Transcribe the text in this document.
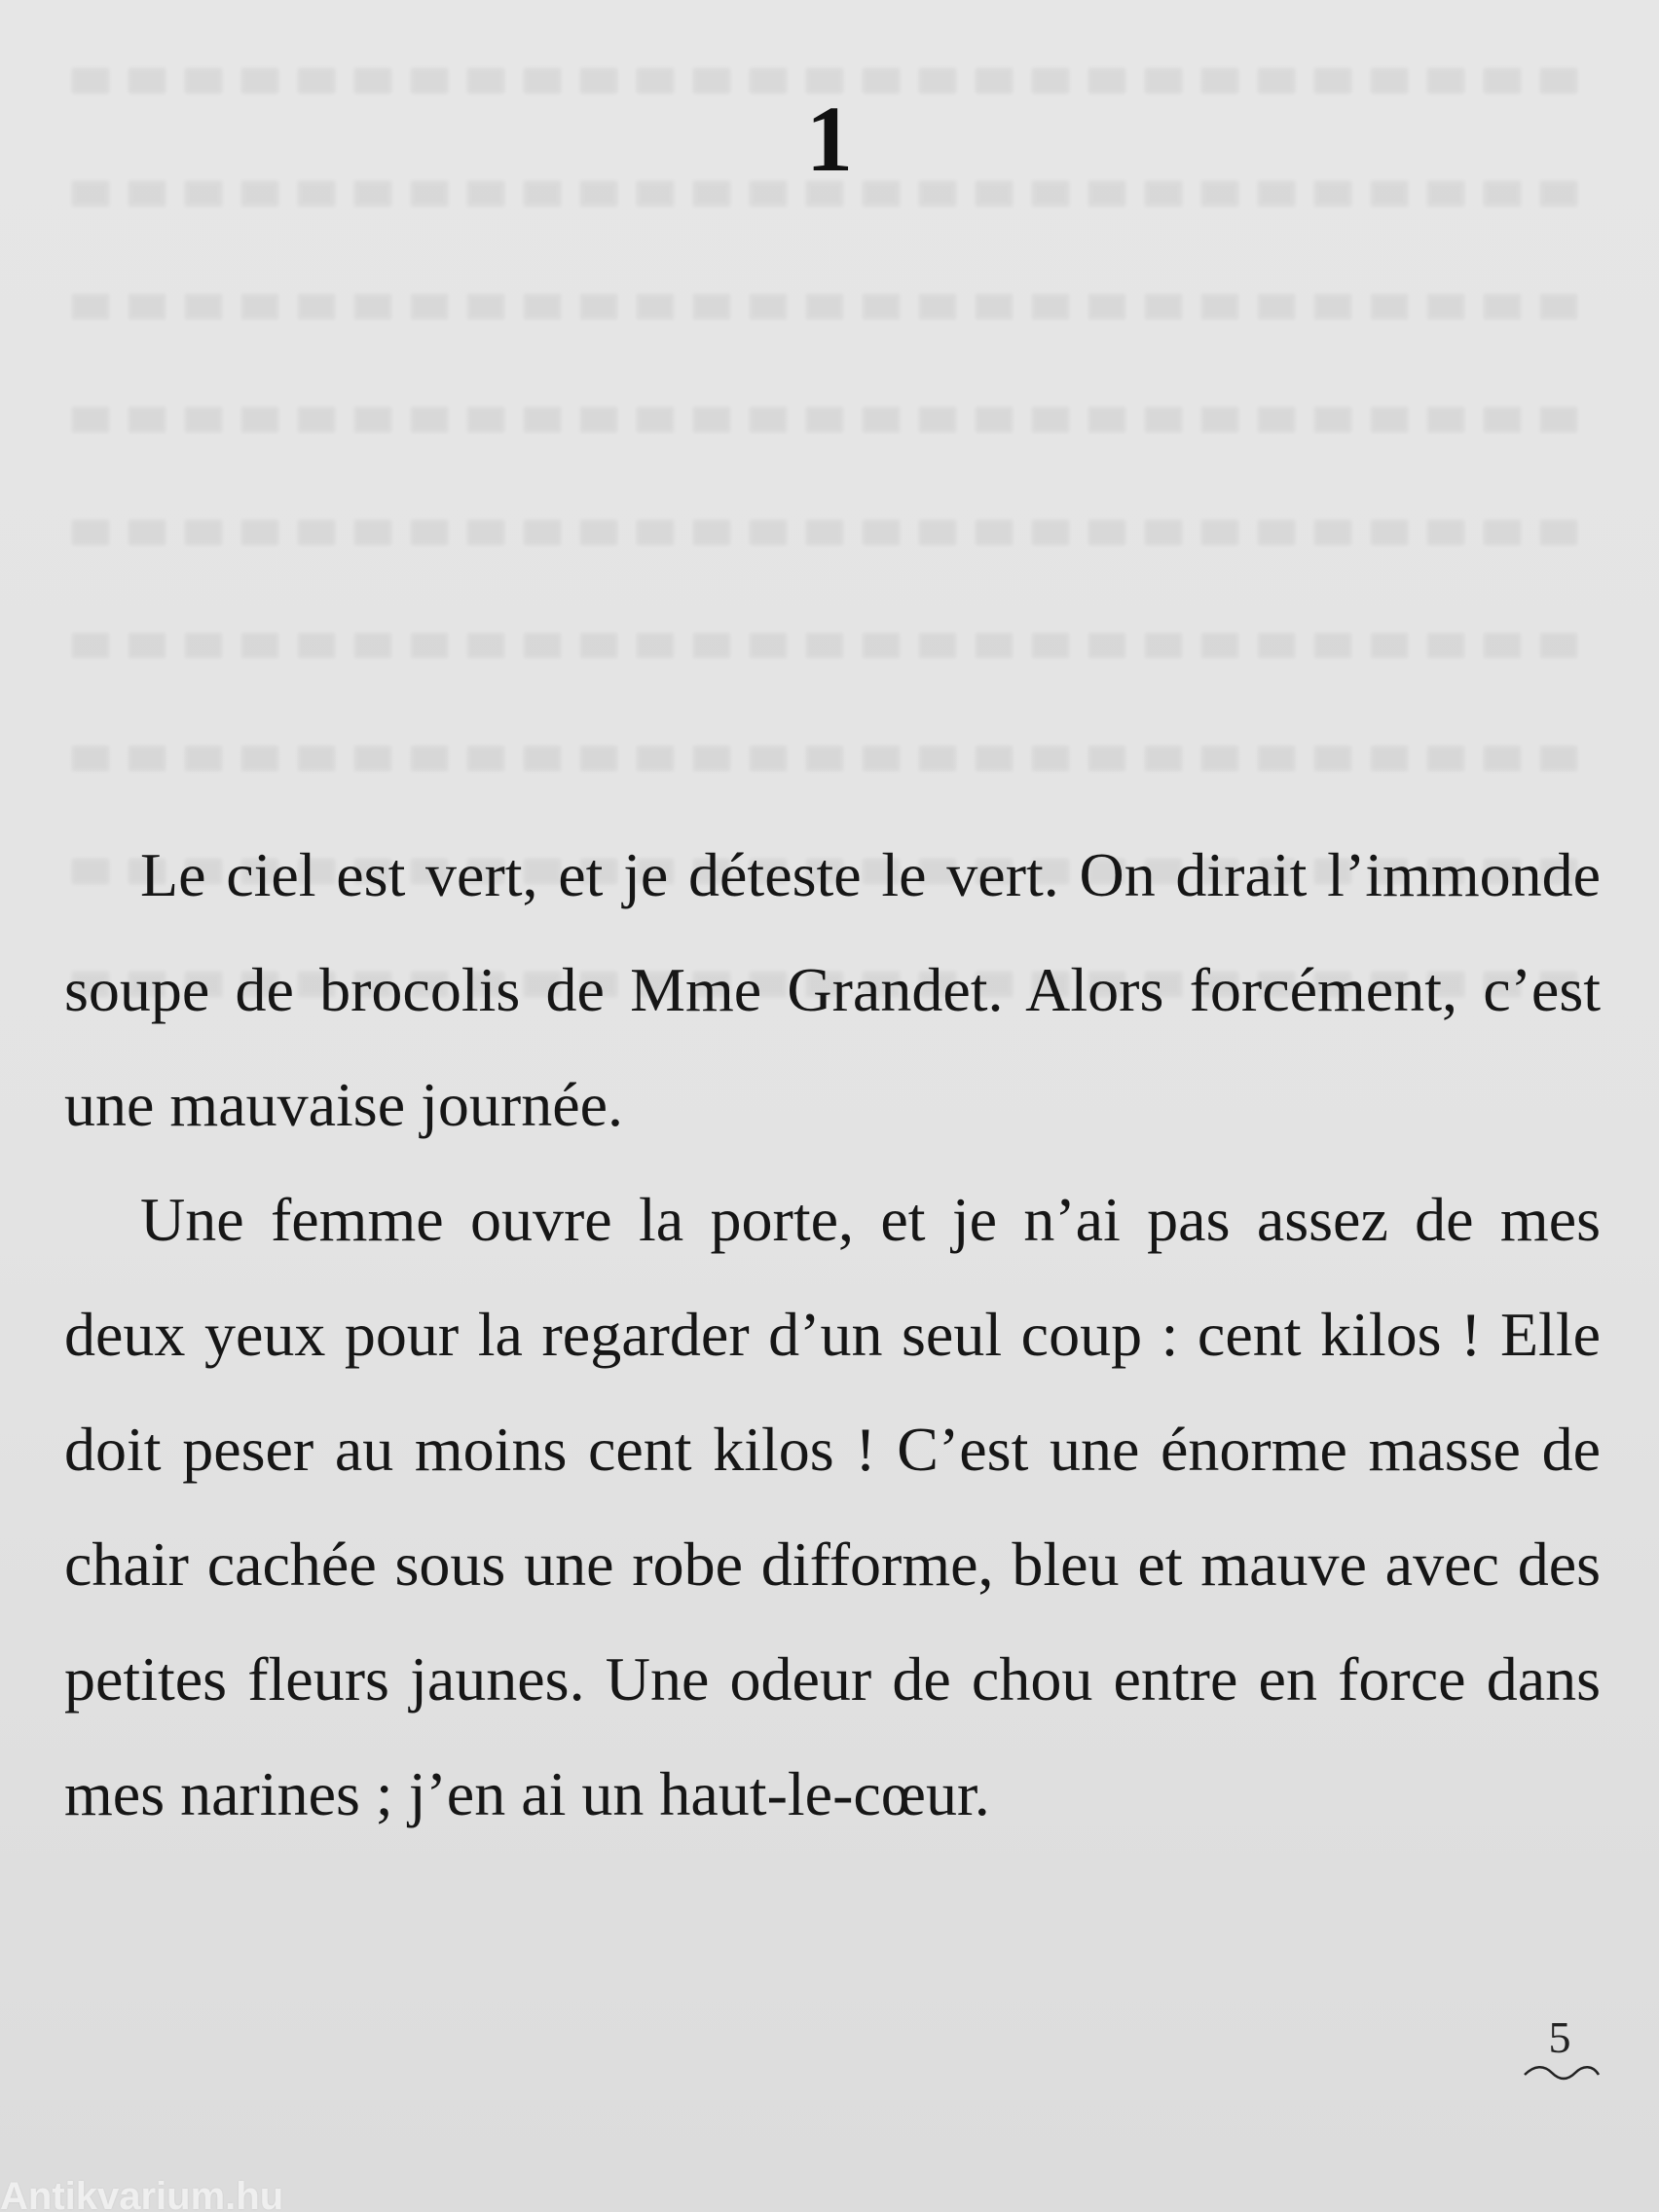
1

Le ciel est vert, et je déteste le vert. On dirait l’immonde soupe de brocolis de Mme Grandet. Alors forcément, c’est une mauvaise journée.

Une femme ouvre la porte, et je n’ai pas assez de mes deux yeux pour la regarder d’un seul coup : cent kilos ! Elle doit peser au moins cent kilos ! C’est une énorme masse de chair cachée sous une robe difforme, bleu et mauve avec des petites fleurs jaunes. Une odeur de chou entre en force dans mes narines ; j’en ai un haut-le-cœur.

5
Antikvarium.hu
